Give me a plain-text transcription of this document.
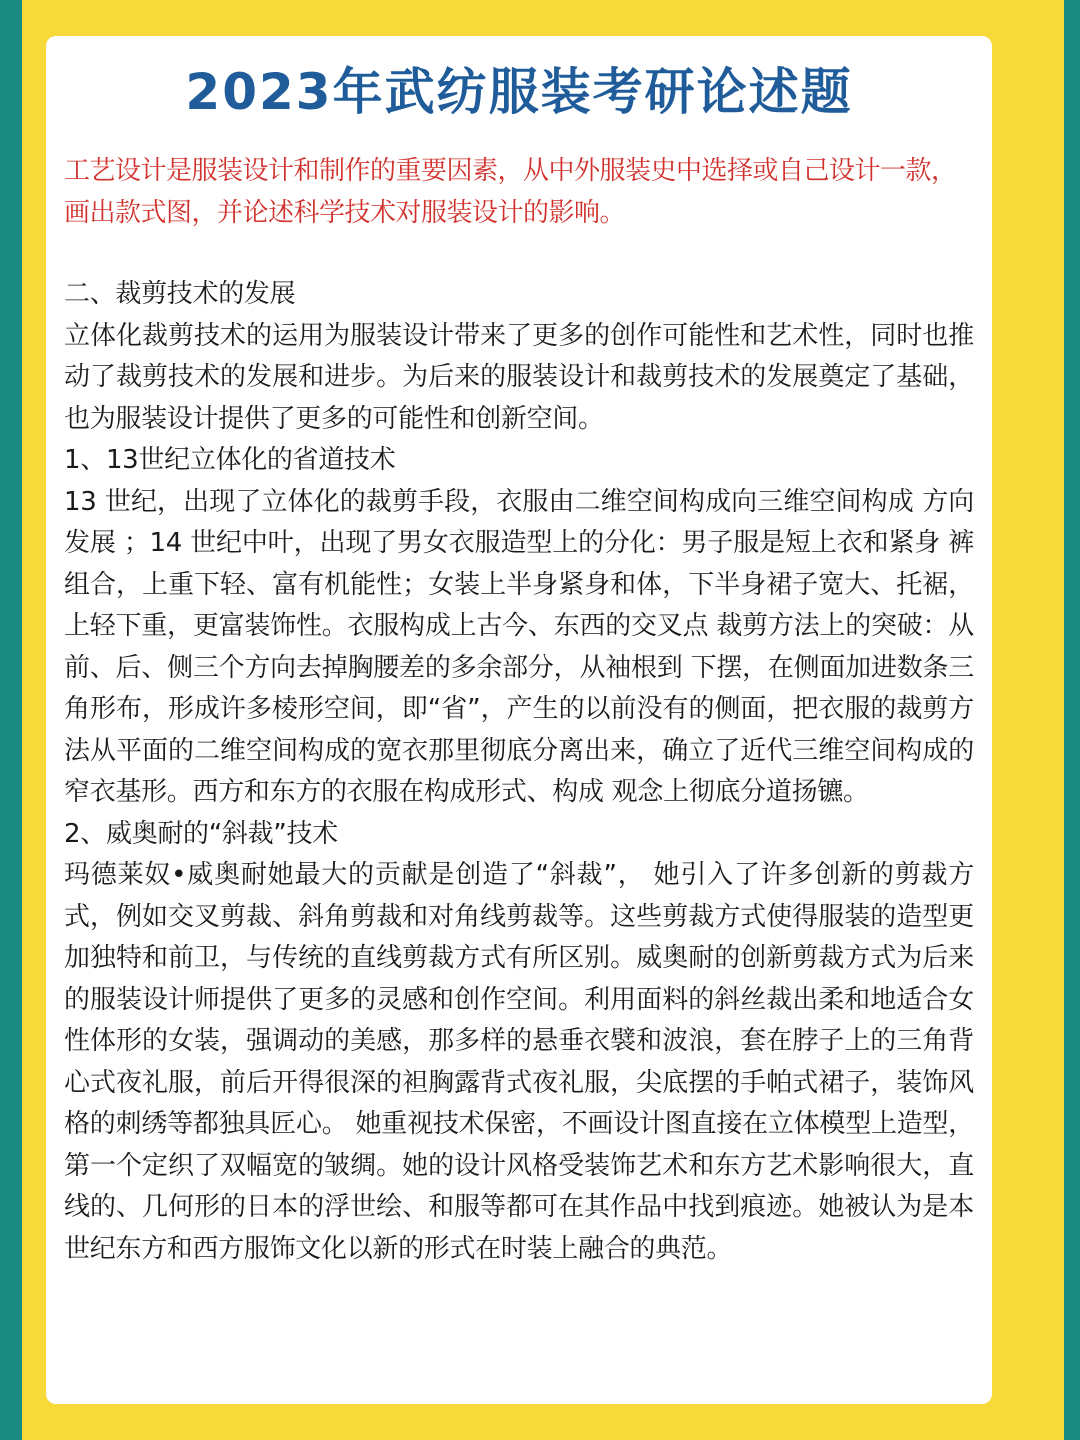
2023年武纺服装考研论述题

工艺设计是服装设计和制作的重要因素，从中外服装史中选择或自己设计一款，画出款式图，并论述科学技术对服装设计的影响。

二、裁剪技术的发展

立体化裁剪技术的运用为服装设计带来了更多的创作可能性和艺术性，同时也推动了裁剪技术的发展和进步。为后来的服装设计和裁剪技术的发展奠定了基础，也为服装设计提供了更多的可能性和创新空间。

1、13世纪立体化的省道技术

13 世纪，出现了立体化的裁剪手段，衣服由二维空间构成向三维空间构成 方向发展 ；14 世纪中叶，出现了男女衣服造型上的分化：男子服是短上衣和紧身 裤组合，上重下轻、富有机能性；女装上半身紧身和体，下半身裙子宽大、托裾，上轻下重，更富装饰性。衣服构成上古今、东西的交叉点 裁剪方法上的突破：从前、后、侧三个方向去掉胸腰差的多余部分，从袖根到 下摆，在侧面加进数条三角形布，形成许多棱形空间，即“省”，产生的以前没有的侧面，把衣服的裁剪方法从平面的二维空间构成的宽衣那里彻底分离出来，确立了近代三维空间构成的窄衣基形。西方和东方的衣服在构成形式、构成 观念上彻底分道扬镳。

2、威奥耐的“斜裁”技术

玛德莱奴•威奥耐她最大的贡献是创造了“斜裁”， 她引入了许多创新的剪裁方式，例如交叉剪裁、斜角剪裁和对角线剪裁等。这些剪裁方式使得服装的造型更加独特和前卫，与传统的直线剪裁方式有所区别。威奥耐的创新剪裁方式为后来的服装设计师提供了更多的灵感和创作空间。利用面料的斜丝裁出柔和地适合女性体形的女装，强调动的美感，那多样的悬垂衣襞和波浪，套在脖子上的三角背心式夜礼服，前后开得很深的袒胸露背式夜礼服，尖底摆的手帕式裙子，装饰风格的刺绣等都独具匠心。 她重视技术保密，不画设计图直接在立体模型上造型，第一个定织了双幅宽的皱绸。她的设计风格受装饰艺术和东方艺术影响很大，直线的、几何形的日本的浮世绘、和服等都可在其作品中找到痕迹。她被认为是本世纪东方和西方服饰文化以新的形式在时装上融合的典范。
